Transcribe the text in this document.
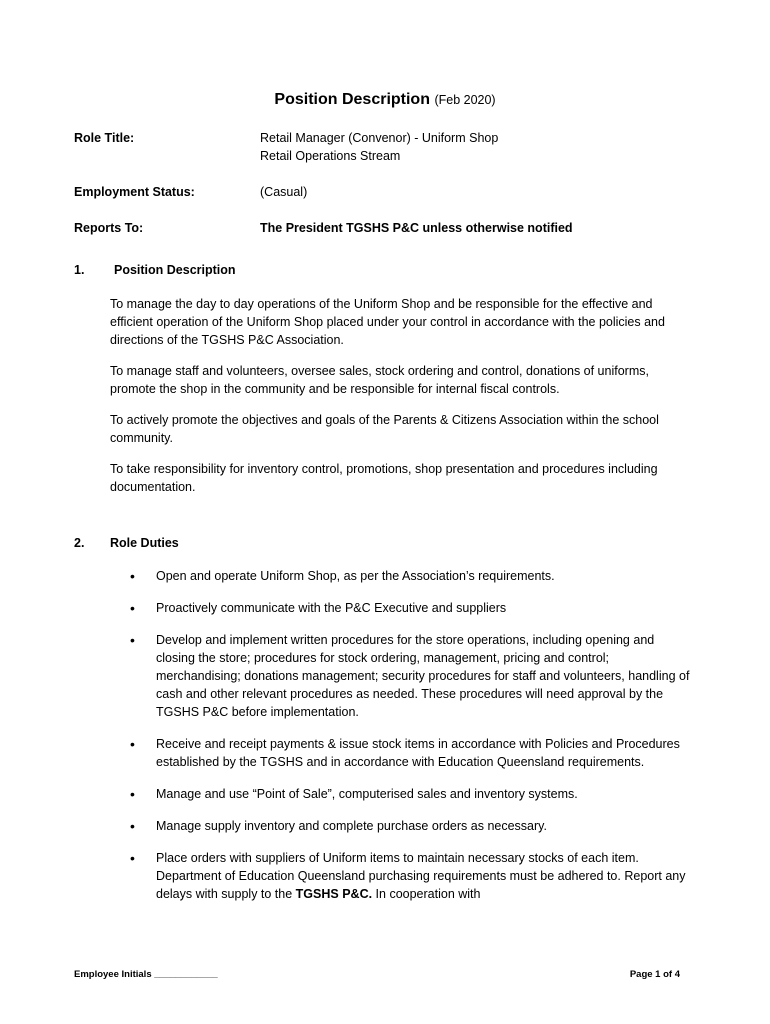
Position Description (Feb 2020)
Role Title:	Retail Manager (Convenor) - Uniform Shop
Retail Operations Stream
Employment Status:	(Casual)
Reports To:	The President TGSHS P&C unless otherwise notified
1. Position Description

To manage the day to day operations of the Uniform Shop and be responsible for the effective and efficient operation of the Uniform Shop placed under your control in accordance with the policies and directions of the TGSHS P&C Association.

To manage staff and volunteers, oversee sales, stock ordering and control, donations of uniforms, promote the shop in the community and be responsible for internal fiscal controls.

To actively promote the objectives and goals of the Parents & Citizens Association within the school community.

To take responsibility for inventory control, promotions, shop presentation and procedures including documentation.

2. Role Duties
• Open and operate Uniform Shop, as per the Association’s requirements.
• Proactively communicate with the P&C Executive and suppliers
• Develop and implement written procedures for the store operations, including opening and closing the store; procedures for stock ordering, management, pricing and control; merchandising; donations management; security procedures for staff and volunteers, handling of cash and other relevant procedures as needed. These procedures will need approval by the TGSHS P&C before implementation.
• Receive and receipt payments & issue stock items in accordance with Policies and Procedures established by the TGSHS and in accordance with Education Queensland requirements.
• Manage and use “Point of Sale”, computerised sales and inventory systems.
• Manage supply inventory and complete purchase orders as necessary.
• Place orders with suppliers of Uniform items to maintain necessary stocks of each item. Department of Education Queensland purchasing requirements must be adhered to. Report any delays with supply to the TGSHS P&C. In cooperation with
Employee Initials ____________	Page 1 of 4
